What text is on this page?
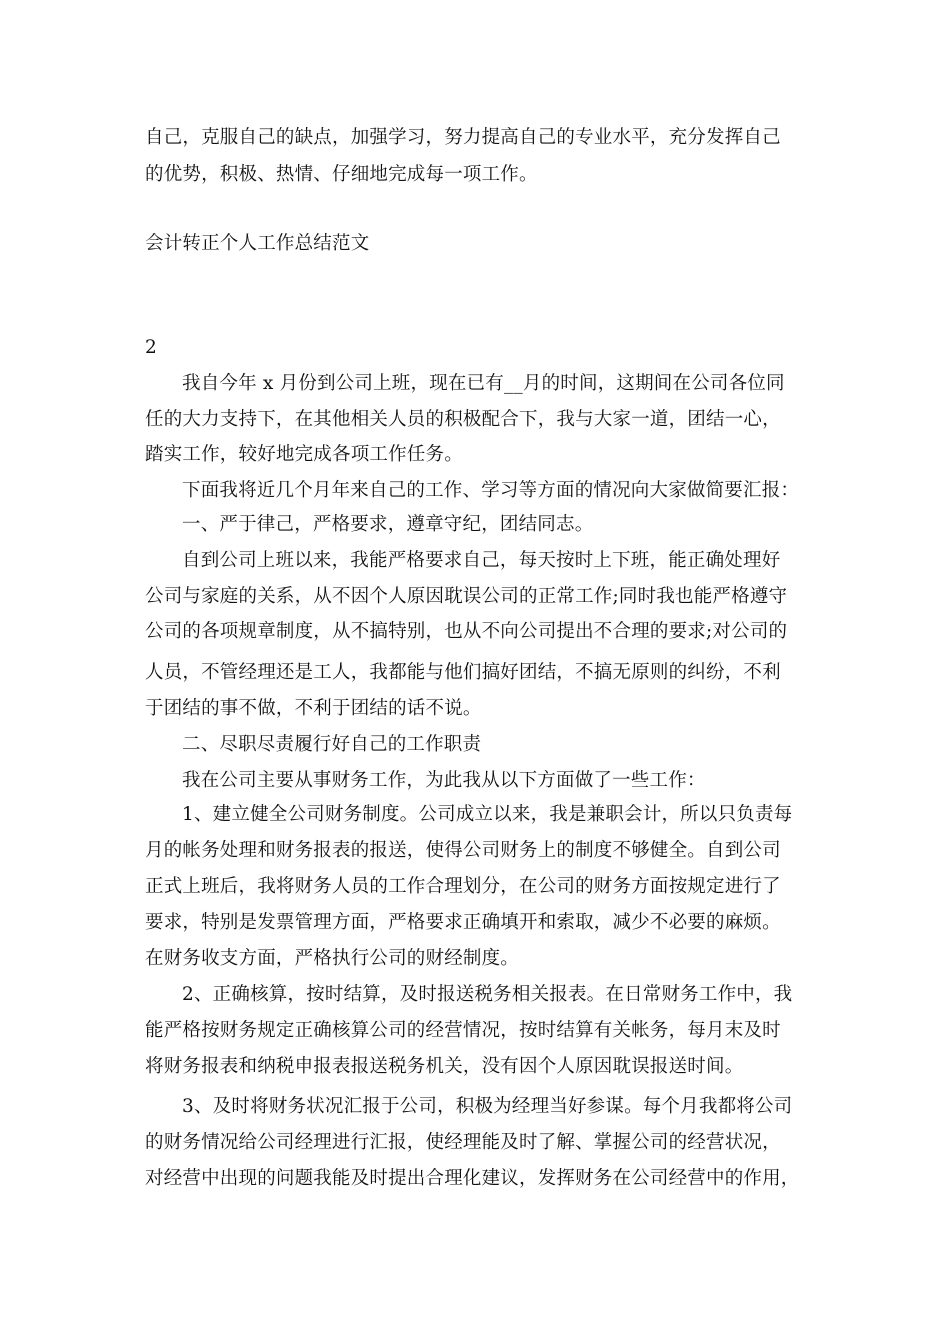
自己，克服自己的缺点，加强学习，努力提高自己的专业水平，充分发挥自己
的优势，积极、热情、仔细地完成每一项工作。
会计转正个人工作总结范文
2
我自今年 x 月份到公司上班，现在已有__月的时间，这期间在公司各位同
任的大力支持下，在其他相关人员的积极配合下，我与大家一道，团结一心，
踏实工作，较好地完成各项工作任务。
下面我将近几个月年来自己的工作、学习等方面的情况向大家做简要汇报：
一、严于律己，严格要求，遵章守纪，团结同志。
自到公司上班以来，我能严格要求自己，每天按时上下班，能正确处理好
公司与家庭的关系，从不因个人原因耽误公司的正常工作;同时我也能严格遵守
公司的各项规章制度，从不搞特别，也从不向公司提出不合理的要求;对公司的
人员，不管经理还是工人，我都能与他们搞好团结，不搞无原则的纠纷，不利
于团结的事不做，不利于团结的话不说。
二、尽职尽责履行好自己的工作职责
我在公司主要从事财务工作，为此我从以下方面做了一些工作：
1、建立健全公司财务制度。公司成立以来，我是兼职会计，所以只负责每
月的帐务处理和财务报表的报送，使得公司财务上的制度不够健全。自到公司
正式上班后，我将财务人员的工作合理划分，在公司的财务方面按规定进行了
要求，特别是发票管理方面，严格要求正确填开和索取，减少不必要的麻烦。
在财务收支方面，严格执行公司的财经制度。
2、正确核算，按时结算，及时报送税务相关报表。在日常财务工作中，我
能严格按财务规定正确核算公司的经营情况，按时结算有关帐务，每月末及时
将财务报表和纳税申报表报送税务机关，没有因个人原因耽误报送时间。
3、及时将财务状况汇报于公司，积极为经理当好参谋。每个月我都将公司
的财务情况给公司经理进行汇报，使经理能及时了解、掌握公司的经营状况，
对经营中出现的问题我能及时提出合理化建议，发挥财务在公司经营中的作用，
